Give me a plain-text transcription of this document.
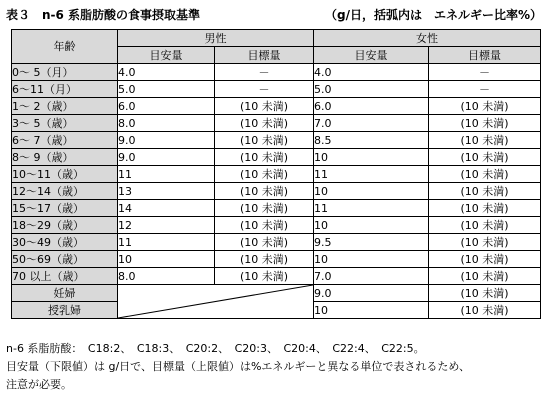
表３　n-6 系脂肪酸の食事摂取基準	（g/日，括弧内は　エネルギー比率%）
年齢	男性		女性	
	目安量	目標量	目安量	目標量
0～ 5（月）	4.0	－	4.0	－
6～11（月）	5.0	－	5.0	－
1～ 2（歳）	6.0	(10 未満)	6.0	(10 未満)
3～ 5（歳）	8.0	(10 未満)	7.0	(10 未満)
6～ 7（歳）	9.0	(10 未満)	8.5	(10 未満)
8～ 9（歳）	9.0	(10 未満)	10	(10 未満)
10～11（歳）	11	(10 未満)	11	(10 未満)
12～14（歳）	13	(10 未満)	10	(10 未満)
15～17（歳）	14	(10 未満)	11	(10 未満)
18～29（歳）	12	(10 未満)	10	(10 未満)
30～49（歳）	11	(10 未満)	9.5	(10 未満)
50～69（歳）	10	(10 未満)	10	(10 未満)
70 以上（歳）	8.0	(10 未満)	7.0	(10 未満)
妊婦			9.0	(10 未満)
授乳婦			10	(10 未満)
n-6 系脂肪酸：　C18:2、　C18:3、　C20:2、　C20:3、　C20:4、　C22:4、　C22:5。
目安量（下限値）は g/日で、目標量（上限値）は%エネルギーと異なる単位で表されるため、
注意が必要。
